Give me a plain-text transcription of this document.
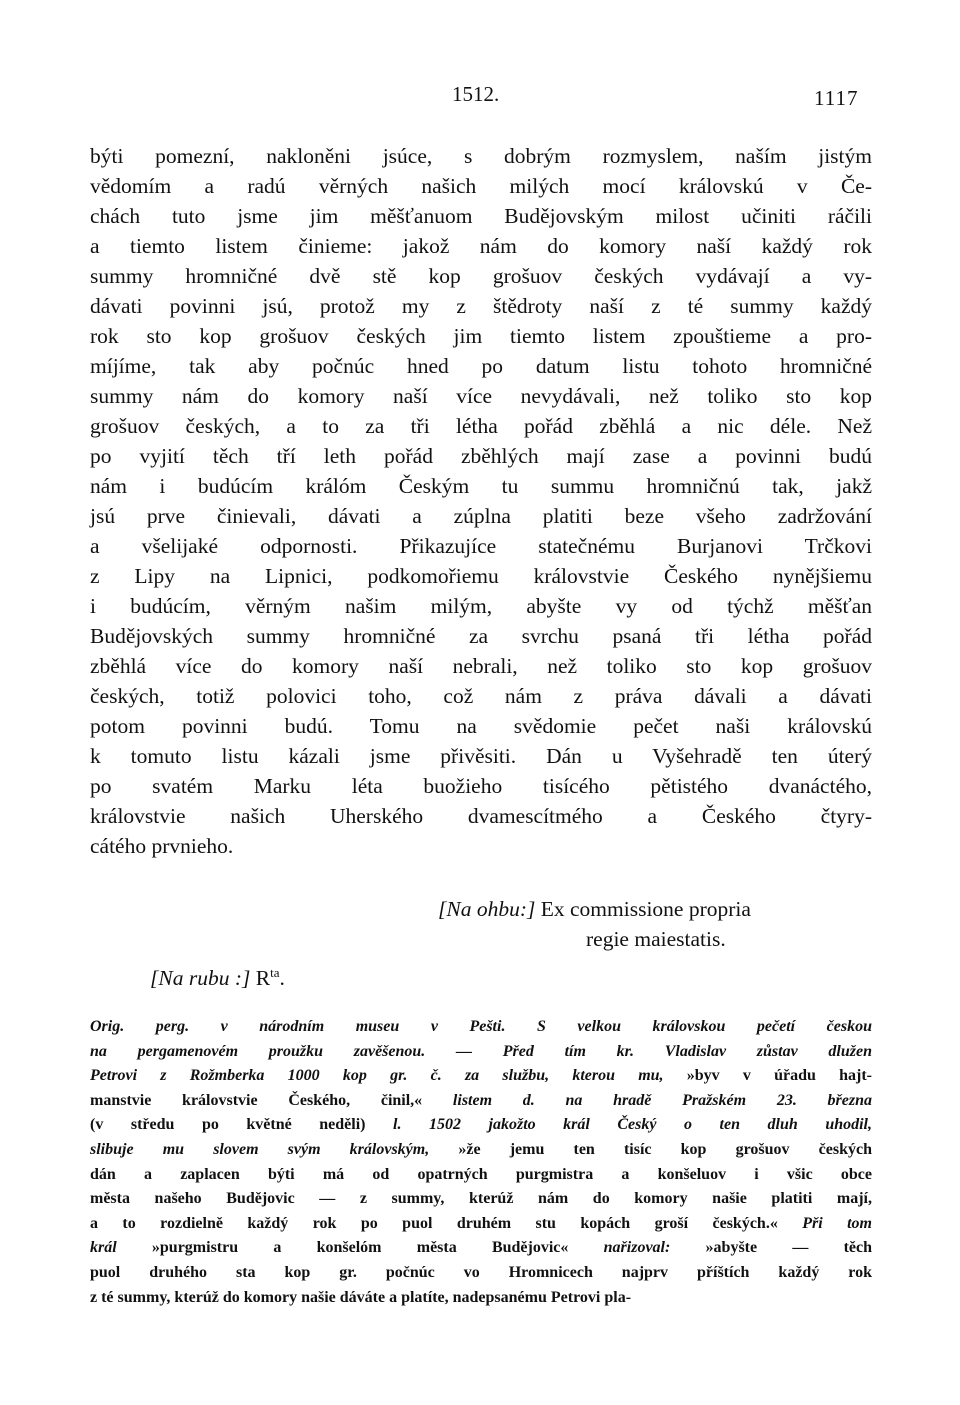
1512.	1117
býti pomezní, nakloněni jsúce, s dobrým rozmyslem, naším jistým
vědomím a radú věrných našich milých mocí královskú v Če-
chách tuto jsme jim měšťanuom Budějovským milost učiniti ráčili
a tiemto listem činieme: jakož nám do komory naší každý rok
summy hromničné dvě stě kop grošuov českých vydávají a vy-
dávati povinni jsú, protož my z štědroty naší z té summy každý
rok sto kop grošuov českých jim tiemto listem zpouštieme a pro-
míjíme, tak aby počnúc hned po datum listu tohoto hromničné
summy nám do komory naší více nevydávali, než toliko sto kop
grošuov českých, a to za tři létha pořád zběhlá a nic déle. Než
po vyjití těch tří leth pořád zběhlých mají zase a povinni budú
nám i budúcím králóm Českým tu summu hromničnú tak, jakž
jsú prve činievali, dávati a zúplna platiti beze všeho zadržování
a všelijaké odpornosti. Přikazujíce statečnému Burjanovi Trčkovi
z Lipy na Lipnici, podkomořiemu královstvie Českého nynějšiemu
i budúcím, věrným našim milým, abyšte vy od týchž měšťan
Budějovských summy hromničné za svrchu psaná tři létha pořád
zběhlá více do komory naší nebrali, než toliko sto kop grošuov
českých, totiž polovici toho, což nám z práva dávali a dávati
potom povinni budú. Tomu na svědomie pečet naši královskú
k tomuto listu kázali jsme přivěsiti. Dán u Vyšehradě ten úterý
po svatém Marku léta buožieho tisícého pětistého dvanáctého,
královstvie našich Uherského dvamescítmého a Českého čtyry-
cátého prvnieho.
[Na ohbu:] Ex commissione propria
regie maiestatis.
[Na rubu :] $R^{ta}$.
Orig. perg. v národním museu v Pešti. S velkou královskou pečetí českou
na pergamenovém proužku zavěšenou. — Před tím kr. Vladislav zůstav dlužen
Petrovi z Rožmberka 1000 kop gr. č. za službu, kterou mu, »byv v úřadu hajt-
manstvie královstvie Českého, činil,« listem d. na hradě Pražském 23. března
(v středu po květné neděli) l. 1502 jakožto král Český o ten dluh uhodil,
slibuje mu slovem svým královským, »že jemu ten tisíc kop grošuov českých
dán a zaplacen býti má od opatrných purgmistra a konšeluov i všic obce
města našeho Budějovic — z summy, kterúž nám do komory našie platiti mají,
a to rozdielně každý rok po puol druhém stu kopách groší českých.« Při tom
král »purgmistru a konšelóm města Budějovic« nařizoval: »abyšte — těch
puol druhého sta kop gr. počnúc vo Hromnicech najprv příštích každý rok
z té summy, kterúž do komory našie dáváte a platíte, nadepsanému Petrovi pla-
